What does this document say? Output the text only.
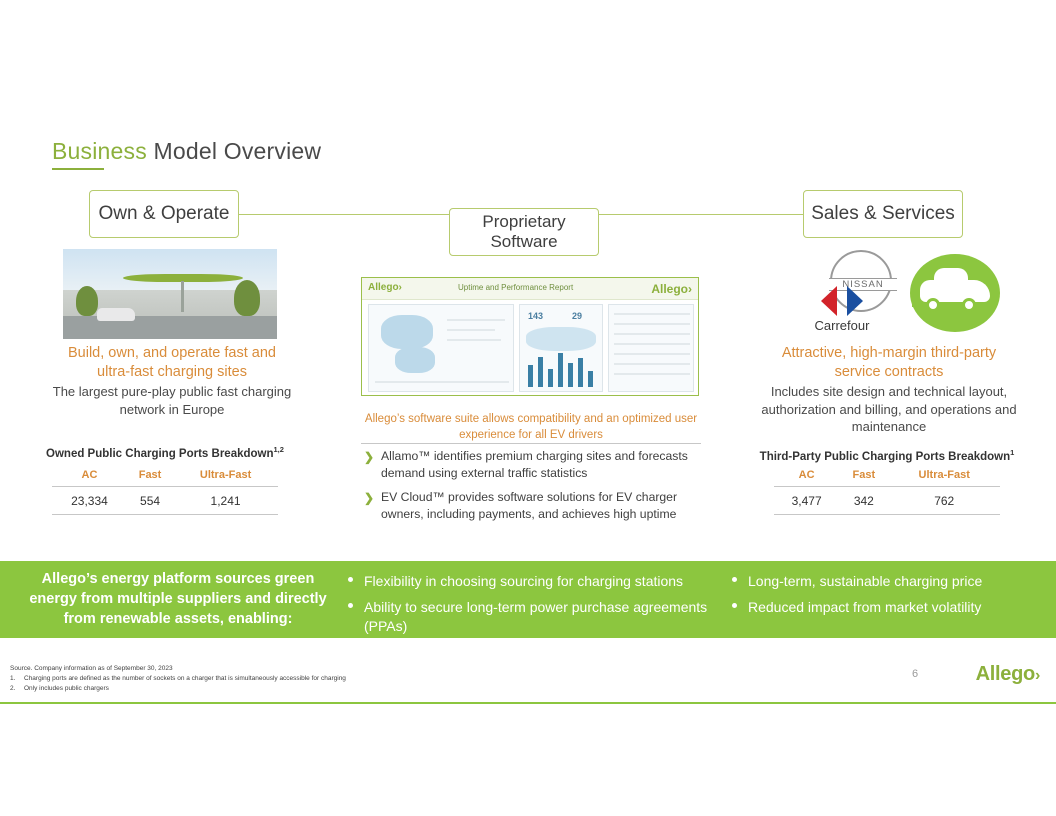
Business Model Overview
Own & Operate	Proprietary Software
Sales & Services
Build, own, and operate fast and ultra-fast charging sites
The largest pure-play public fast charging network in Europe
Owned Public Charging Ports Breakdown$^{1,2}$
AC	Fast	Ultra-Fast
23,334	554	1,241
Allego›	Uptime and Performance Report	Allego›
143	29
Allego’s software suite allows compatibility and an optimized user experience for all EV drivers
❯ Allamo™ identifies premium charging sites and forecasts demand using external traffic statistics
❯ EV Cloud™ provides software solutions for EV charger owners, including payments, and achieves high uptime
NISSAN
Carrefour
Attractive, high-margin third-party service contracts
Includes site design and technical layout, authorization and billing, and operations and maintenance
Third-Party Public Charging Ports Breakdown$^1$
AC	Fast	Ultra-Fast
3,477	342	762
Allego’s energy platform sources green energy from multiple suppliers and directly from renewable assets, enabling:
Flexibility in choosing sourcing for charging stations
Ability to secure long-term power purchase agreements (PPAs)
Long-term, sustainable charging price
Reduced impact from market volatility
Source. Company information as of September 30, 2023
1.	Charging ports are defined as the number of sockets on a charger that is simultaneously accessible for charging
2.	Only includes public chargers
6	Allego›
